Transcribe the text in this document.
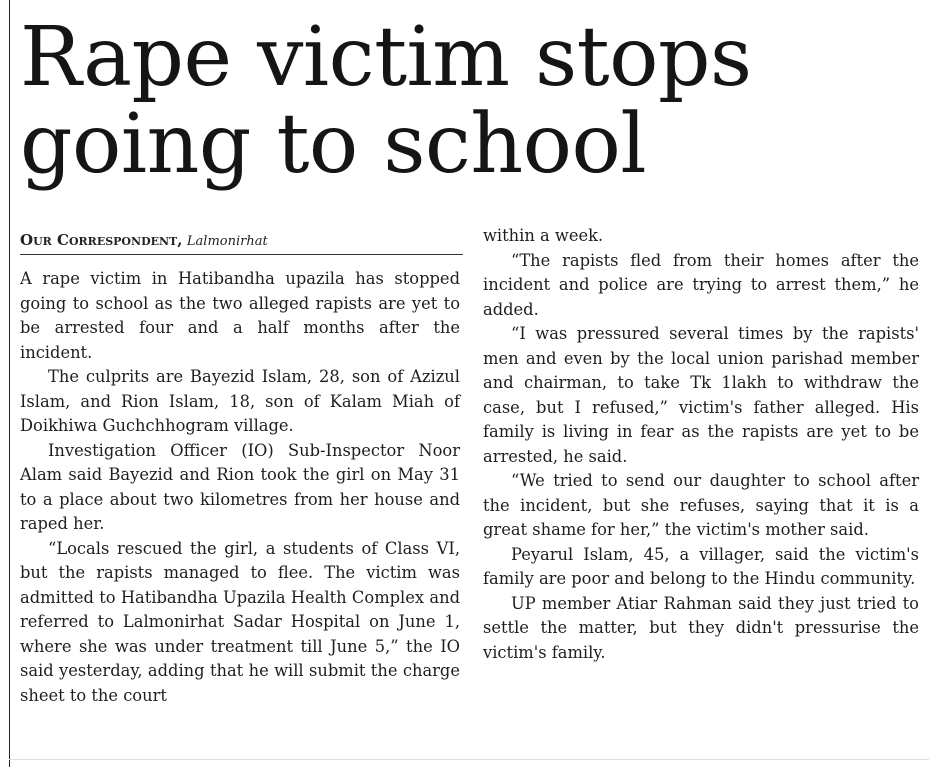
Rape victim stops going to school
Our Correspondent, Lalmonirhat

A rape victim in Hatibandha upazila has stopped going to school as the two alleged rapists are yet to be arrested four and a half months after the incident.

The culprits are Bayezid Islam, 28, son of Azizul Islam, and Rion Islam, 18, son of Kalam Miah of Doikhiwa Guchchhogram village.

Investigation Officer (IO) Sub-Inspector Noor Alam said Bayezid and Rion took the girl on May 31 to a place about two kilometres from her house and raped her.

“Locals rescued the girl, a students of Class VI, but the rapists managed to flee. The victim was admitted to Hatibandha Upazila Health Complex and referred to Lalmonirhat Sadar Hospital on June 1, where she was under treatment till June 5,” the IO said yesterday, adding that he will submit the charge sheet to the court

within a week.

“The rapists fled from their homes after the incident and police are trying to arrest them,” he added.

“I was pressured several times by the rapists' men and even by the local union parishad member and chairman, to take Tk 1lakh to withdraw the case, but I refused,” victim's father alleged. His family is living in fear as the rapists are yet to be arrested, he said.

“We tried to send our daughter to school after the incident, but she refuses, saying that it is a great shame for her,” the victim's mother said.

Peyarul Islam, 45, a villager, said the victim's family are poor and belong to the Hindu community.

UP member Atiar Rahman said they just tried to settle the matter, but they didn't pressurise the victim's family.
